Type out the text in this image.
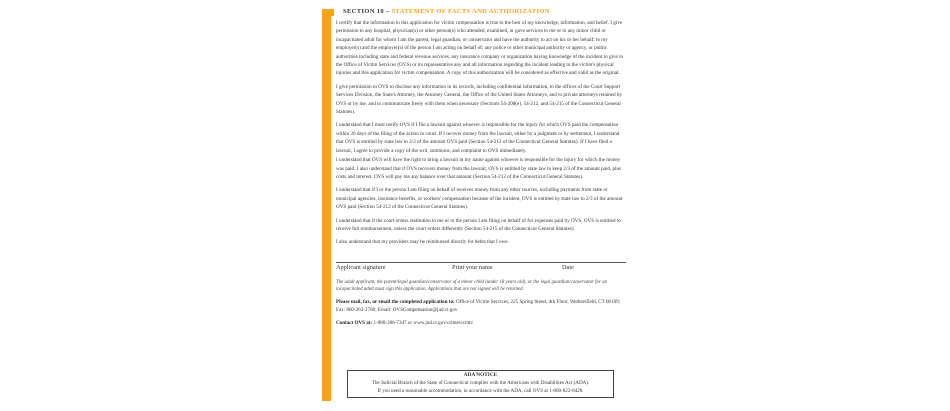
SECTION 10 – STATEMENT OF FACTS AND AUTHORIZATION

I certify that the information in this application for victim compensation is true to the best of my knowledge, information, and belief. I give permission to any hospital, physician(s) or other person(s) who attended, examined, or gave services to me or to any minor child or incapacitated adult for whom I am the parent, legal guardian, or conservator and have the authority to act on his or her behalf; to my employer(s) and the employer(s) of the person I am acting on behalf of; any police or other municipal authority or agency, or public authorities including state and federal revenue services, any insurance company or organization having knowledge of the incident to give to the Office of Victim Services (OVS) or its representative any and all information regarding the incident leading to the victim's physical injuries and this application for victim compensation. A copy of this authorization will be considered as effective and valid as the original.

I give permission to OVS to disclose any information in its records, including confidential information, to the offices of the Court Support Services Division, the State's Attorney, the Attorney General, the Office of the United States Attorneys, and to private attorneys retained by OVS or by me, and to communicate freely with them when necessary (Sections 54-208(e), 54-212, and 54-215 of the Connecticut General Statutes).

I understand that I must notify OVS if I file a lawsuit against whoever is responsible for the injury for which OVS paid the compensation within 30 days of the filing of the action in court. If I recover money from the lawsuit, either by a judgment or by settlement, I understand that OVS is entitled by state law to 2/3 of the amount OVS paid (Section 54-212 of the Connecticut General Statutes). If I have filed a lawsuit, I agree to provide a copy of the writ, summons, and complaint to OVS immediately.

I understand that OVS will have the right to bring a lawsuit in my name against whoever is responsible for the injury for which the money was paid. I also understand that if OVS recovers money from the lawsuit, OVS is entitled by state law to keep 2/3 of the amount paid, plus costs and interest. OVS will pay me any balance over that amount (Section 54-212 of the Connecticut General Statutes).

I understand that if I or the person I am filing on behalf of receives money from any other sources, including payments from state or municipal agencies, insurance benefits, or workers' compensation because of the incident, OVS is entitled by state law to 2/3 of the amount OVS paid (Section 54-212 of the Connecticut General Statutes).

I understand that if the court orders restitution to me or to the person I am filing on behalf of for expenses paid by OVS, OVS is entitled to receive full reimbursement, unless the court orders differently (Section 54-215 of the Connecticut General Statutes).

I also understand that my providers may be reimbursed directly for debts that I owe.

Applicant signature	Print your name	Date

The adult applicant, the parent/legal guardian/conservator of a minor child (under 18 years old), or the legal guardian/conservator for an incapacitated adult must sign this application. Applications that are not signed will be returned.

Please mail, fax, or email the completed application to: Office of Victim Services, 225 Spring Street, 4th Floor, Wethersfield, CT 06109; Fax: 860-263-2780; Email: OVSCompensation@jud.ct.gov

Contact OVS at: 1-888-286-7347 or www.jud.ct.gov/crimevictim/

ADA NOTICE
The Judicial Branch of the State of Connecticut complies with the Americans with Disabilities Act (ADA).
If you need a reasonable accommodation, in accordance with the ADA, call OVS at 1-800-822-8428.
